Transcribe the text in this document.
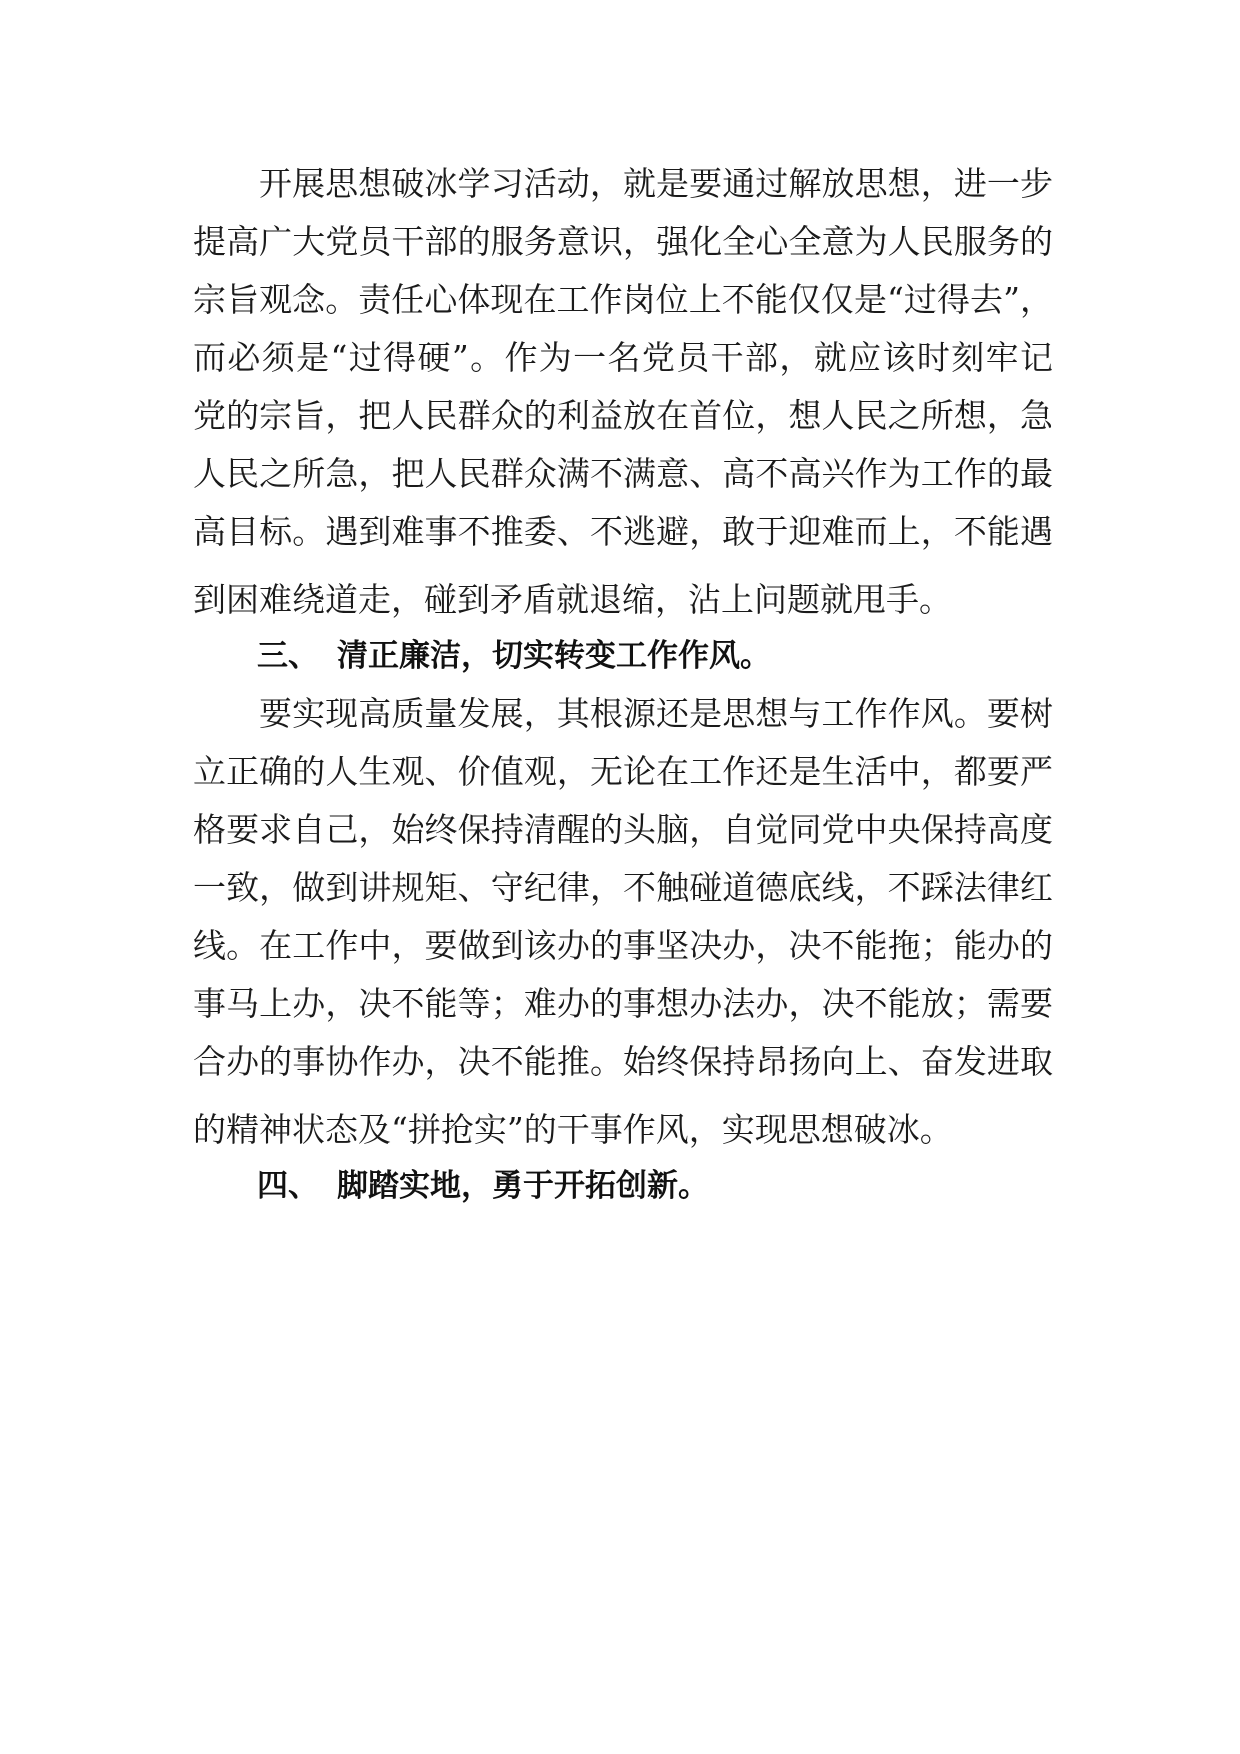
开展思想破冰学习活动，就是要通过解放思想，进一步
提高广大党员干部的服务意识，强化全心全意为人民服务的
宗旨观念。责任心体现在工作岗位上不能仅仅是“过得去”，
而必须是“过得硬”。作为一名党员干部，就应该时刻牢记
党的宗旨，把人民群众的利益放在首位，想人民之所想，急
人民之所急，把人民群众满不满意、高不高兴作为工作的最
高目标。遇到难事不推委、不逃避，敢于迎难而上，不能遇
到困难绕道走，碰到矛盾就退缩，沾上问题就甩手。
三、 清正廉洁，切实转变工作作风。
要实现高质量发展，其根源还是思想与工作作风。要树
立正确的人生观、价值观，无论在工作还是生活中，都要严
格要求自己，始终保持清醒的头脑，自觉同党中央保持高度
一致，做到讲规矩、守纪律，不触碰道德底线，不踩法律红
线。在工作中，要做到该办的事坚决办，决不能拖；能办的
事马上办，决不能等；难办的事想办法办，决不能放；需要
合办的事协作办，决不能推。始终保持昂扬向上、奋发进取
的精神状态及“拼抢实”的干事作风，实现思想破冰。
四、 脚踏实地，勇于开拓创新。
